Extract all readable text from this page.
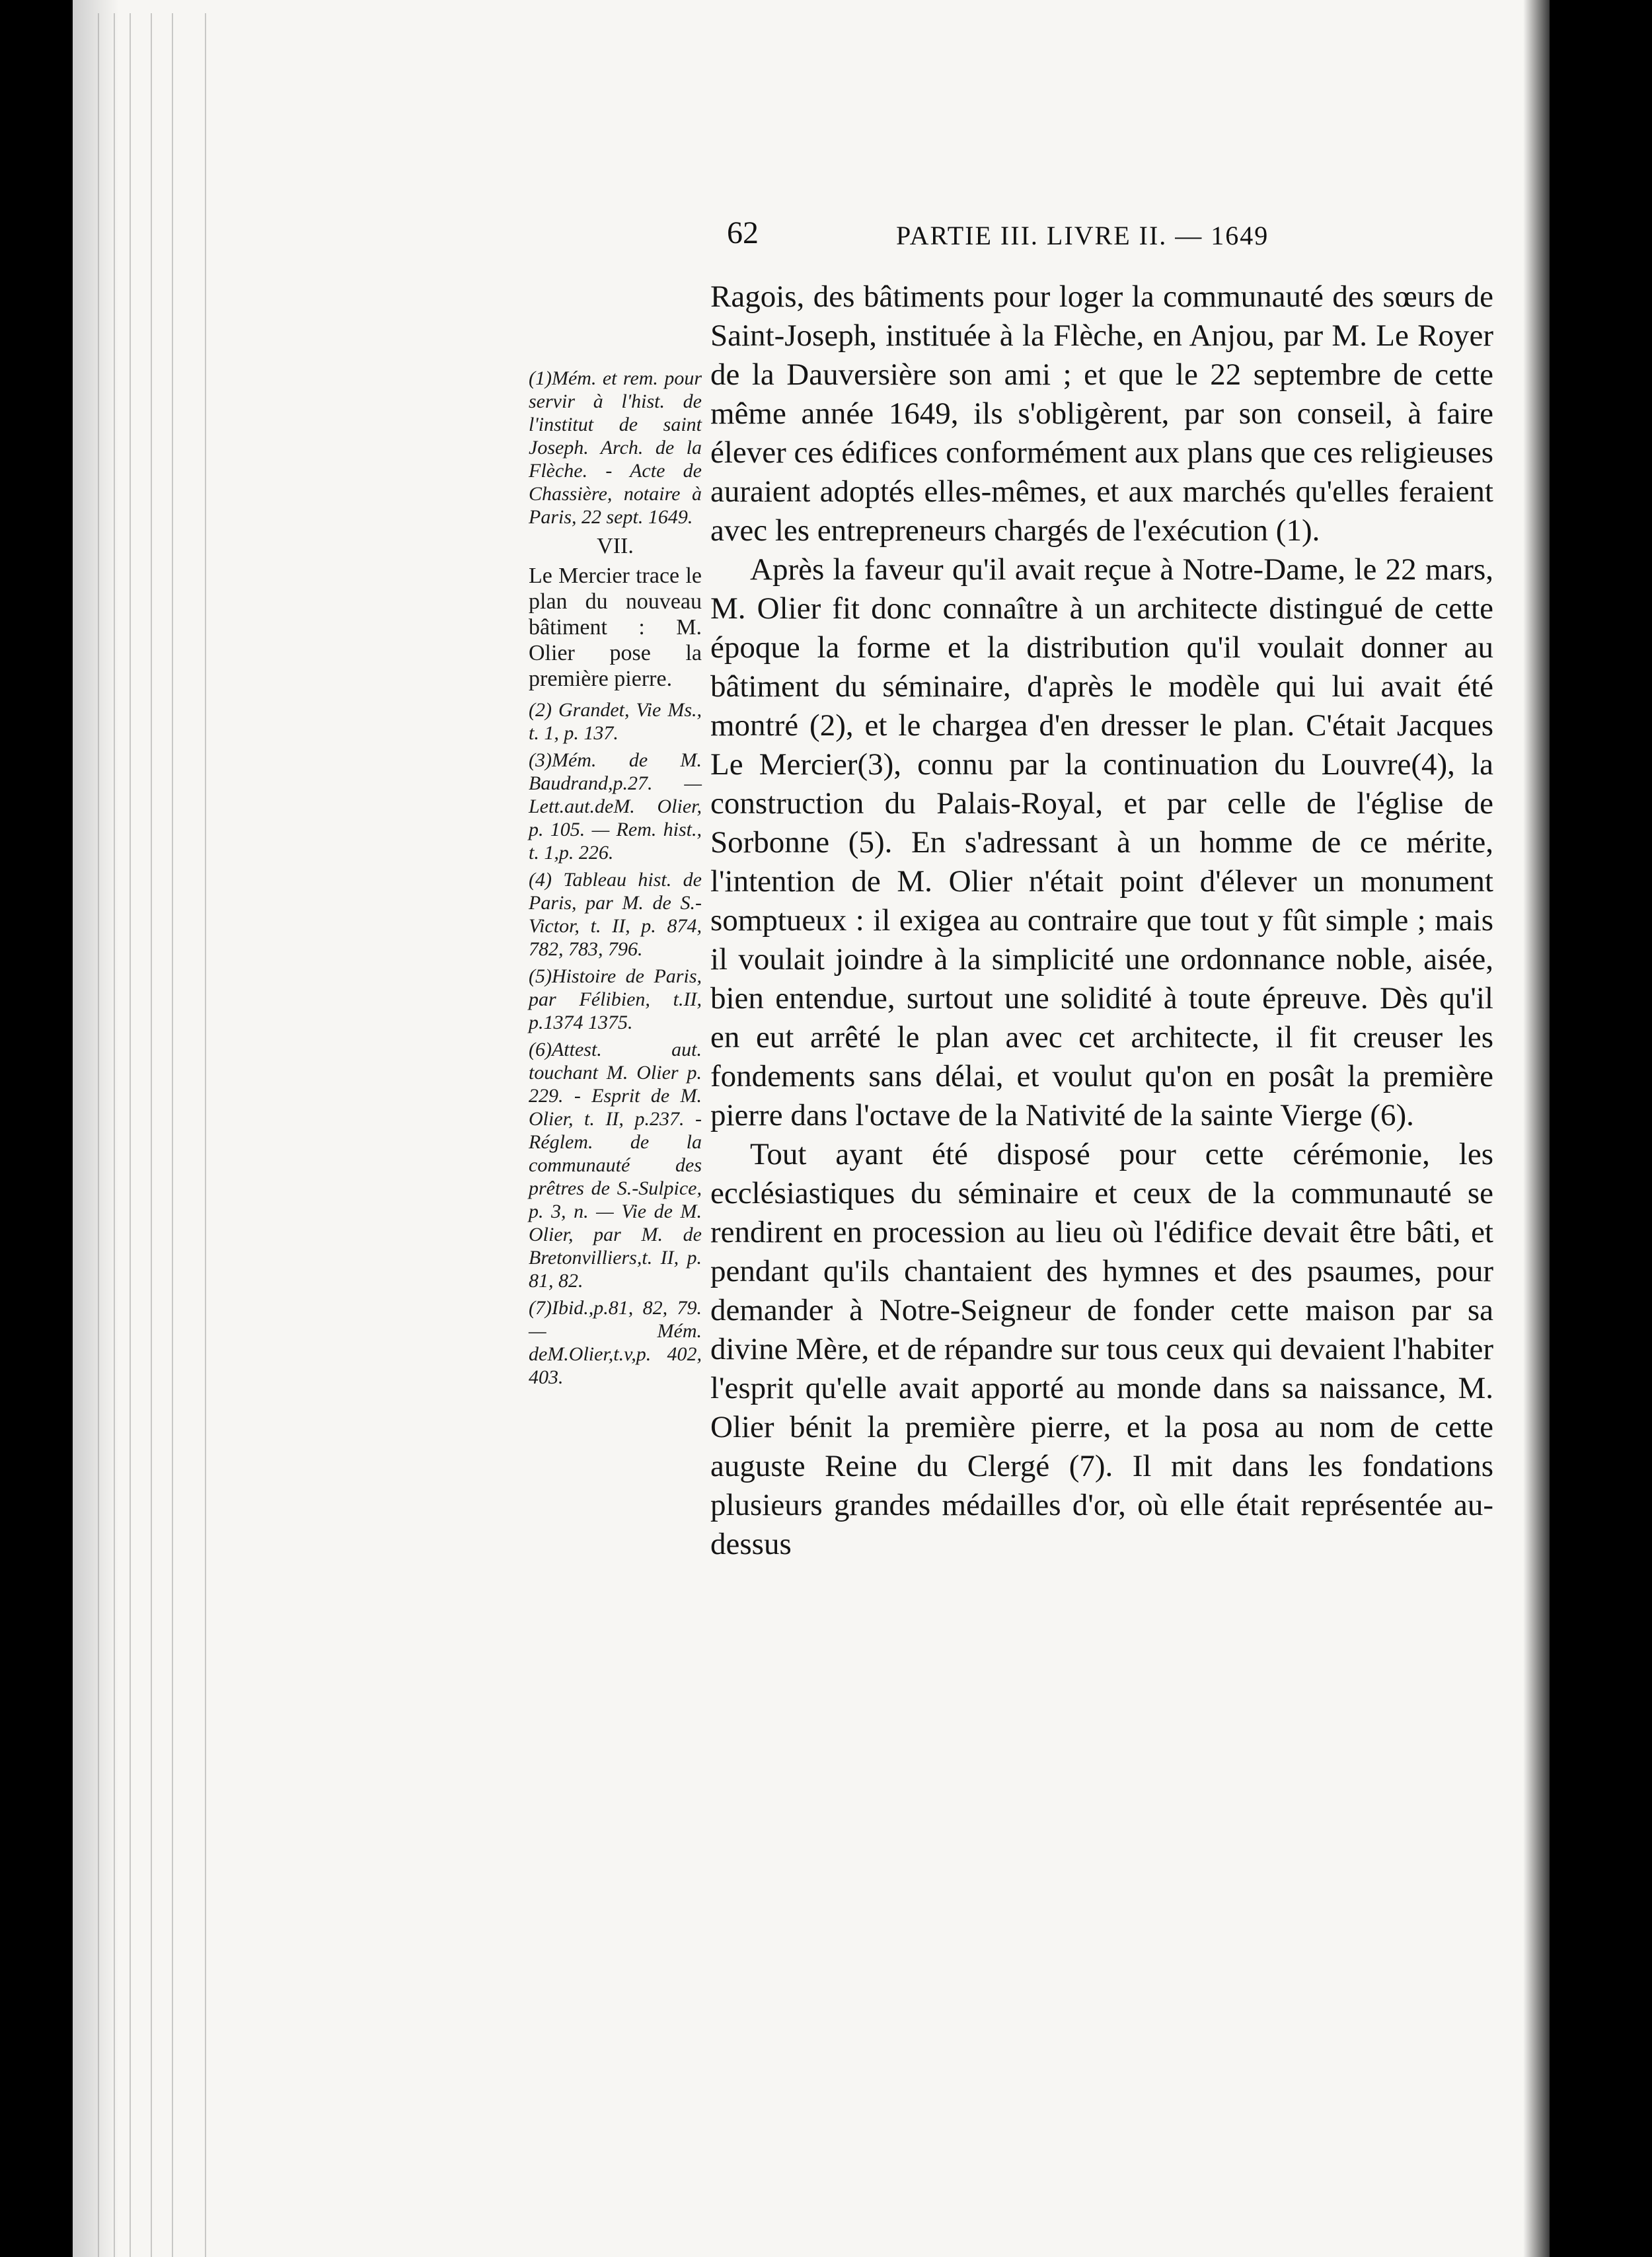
62	PARTIE III. LIVRE II. — 1649

(1)Mém. et rem. pour servir à l'hist. de l'institut de saint Joseph. Arch. de la Flèche. - Acte de Chassière, notaire à Paris, 22 sept. 1649.

VII.

Le Mercier trace le plan du nouveau bâtiment : M. Olier pose la première pierre.

(2) Grandet, Vie Ms., t. 1, p. 137.

(3)Mém. de M. Baudrand,p.27. —Lett.aut.deM. Olier, p. 105. — Rem. hist., t. 1,p. 226.

(4) Tableau hist. de Paris, par M. de S.-Victor, t. II, p. 874, 782, 783, 796.

(5)Histoire de Paris, par Félibien, t.II, p.1374 1375.

(6)Attest. aut. touchant M. Olier p. 229. - Esprit de M. Olier, t. II, p.237. - Réglem. de la communauté des prêtres de S.-Sulpice, p. 3, n. — Vie de M. Olier, par M. de Bretonvilliers,t. II, p. 81, 82.

(7)Ibid.,p.81, 82, 79. — Mém. deM.Olier,t.v,p. 402, 403.

Ragois, des bâtiments pour loger la communauté des sœurs de Saint-Joseph, instituée à la Flèche, en Anjou, par M. Le Royer de la Dauversière son ami ; et que le 22 septembre de cette même année 1649, ils s'obligèrent, par son conseil, à faire élever ces édifices conformément aux plans que ces religieuses auraient adoptés elles-mêmes, et aux marchés qu'elles feraient avec les entrepreneurs chargés de l'exécution (1).

Après la faveur qu'il avait reçue à Notre-Dame, le 22 mars, M. Olier fit donc connaître à un architecte distingué de cette époque la forme et la distribution qu'il voulait donner au bâtiment du séminaire, d'après le modèle qui lui avait été montré (2), et le chargea d'en dresser le plan. C'était Jacques Le Mercier(3), connu par la continuation du Louvre(4), la construction du Palais-Royal, et par celle de l'église de Sorbonne (5). En s'adressant à un homme de ce mérite, l'intention de M. Olier n'était point d'élever un monument somptueux : il exigea au contraire que tout y fût simple ; mais il voulait joindre à la simplicité une ordonnance noble, aisée, bien entendue, surtout une solidité à toute épreuve. Dès qu'il en eut arrêté le plan avec cet architecte, il fit creuser les fondements sans délai, et voulut qu'on en posât la première pierre dans l'octave de la Nativité de la sainte Vierge (6).

Tout ayant été disposé pour cette cérémonie, les ecclésiastiques du séminaire et ceux de la communauté se rendirent en procession au lieu où l'édifice devait être bâti, et pendant qu'ils chantaient des hymnes et des psaumes, pour demander à Notre-Seigneur de fonder cette maison par sa divine Mère, et de répandre sur tous ceux qui devaient l'habiter l'esprit qu'elle avait apporté au monde dans sa naissance, M. Olier bénit la première pierre, et la posa au nom de cette auguste Reine du Clergé (7). Il mit dans les fondations plusieurs grandes médailles d'or, où elle était représentée au-dessus
